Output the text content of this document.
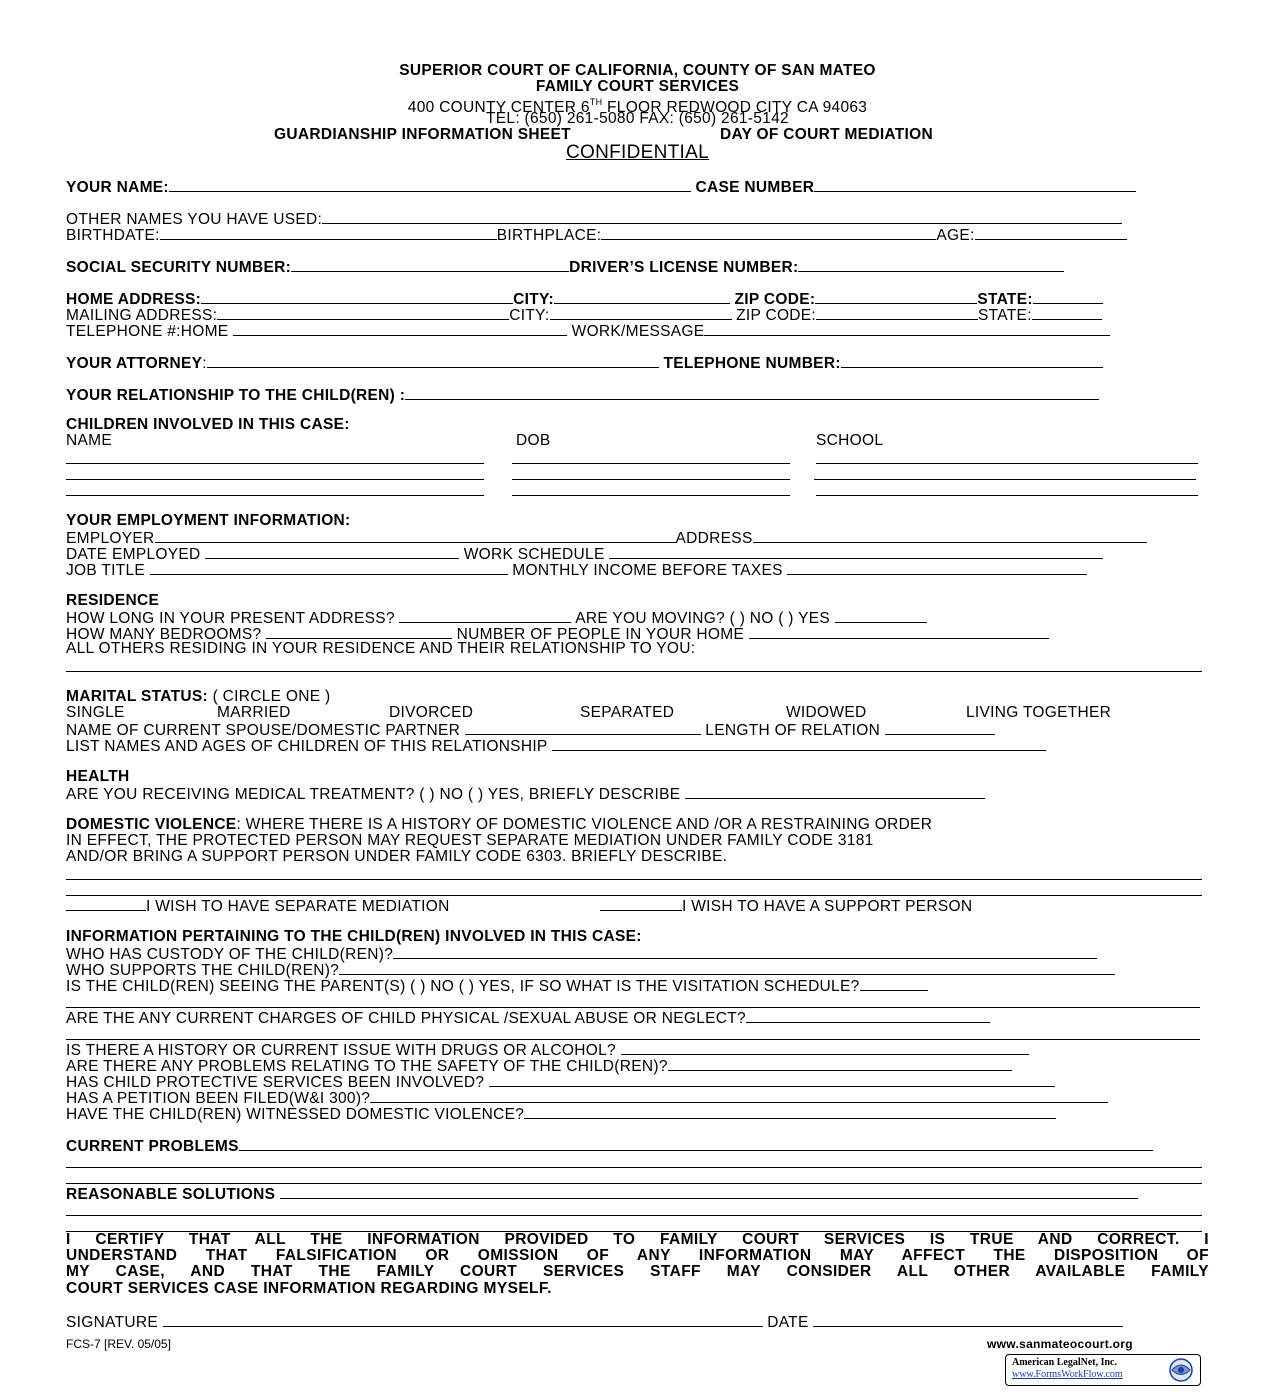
SUPERIOR COURT OF CALIFORNIA, COUNTY OF SAN MATEO
FAMILY COURT SERVICES
400 COUNTY CENTER 6TH FLOOR REDWOOD CITY CA 94063
TEL: (650) 261-5080 FAX: (650) 261-5142
GUARDIANSHIP INFORMATION SHEET	DAY OF COURT MEDIATION
CONFIDENTIAL
YOUR NAME:	CASE NUMBER
OTHER NAMES YOU HAVE USED:
BIRTHDATE:	BIRTHPLACE:	AGE:
SOCIAL SECURITY NUMBER:	DRIVER’S LICENSE NUMBER:
HOME ADDRESS:	CITY:	ZIP CODE:	STATE:
MAILING ADDRESS:	CITY:	ZIP CODE:	STATE:
TELEPHONE #:HOME	WORK/MESSAGE
YOUR ATTORNEY:	TELEPHONE NUMBER:
YOUR RELATIONSHIP TO THE CHILD(REN) :
CHILDREN INVOLVED IN THIS CASE:
NAME	DOB	SCHOOL
YOUR EMPLOYMENT INFORMATION:
EMPLOYER	ADDRESS
DATE EMPLOYED	WORK SCHEDULE
JOB TITLE	MONTHLY INCOME BEFORE TAXES
RESIDENCE
HOW LONG IN YOUR PRESENT ADDRESS?	ARE YOU MOVING? ( ) NO ( ) YES
HOW MANY BEDROOMS?	NUMBER OF PEOPLE IN YOUR HOME
ALL OTHERS RESIDING IN YOUR RESIDENCE AND THEIR RELATIONSHIP TO YOU:
MARITAL STATUS: ( CIRCLE ONE )
SINGLE	MARRIED	DIVORCED	SEPARATED	WIDOWED	LIVING TOGETHER
NAME OF CURRENT SPOUSE/DOMESTIC PARTNER	LENGTH OF RELATION
LIST NAMES AND AGES OF CHILDREN OF THIS RELATIONSHIP
HEALTH
ARE YOU RECEIVING MEDICAL TREATMENT? ( ) NO ( ) YES, BRIEFLY DESCRIBE
DOMESTIC VIOLENCE: WHERE THERE IS A HISTORY OF DOMESTIC VIOLENCE AND /OR A RESTRAINING ORDER
IN EFFECT, THE PROTECTED PERSON MAY REQUEST SEPARATE MEDIATION UNDER FAMILY CODE 3181
AND/OR BRING A SUPPORT PERSON UNDER FAMILY CODE 6303. BRIEFLY DESCRIBE.
I WISH TO HAVE SEPARATE MEDIATION	I WISH TO HAVE A SUPPORT PERSON
INFORMATION PERTAINING TO THE CHILD(REN) INVOLVED IN THIS CASE:
WHO HAS CUSTODY OF THE CHILD(REN)?
WHO SUPPORTS THE CHILD(REN)?
IS THE CHILD(REN) SEEING THE PARENT(S) ( ) NO ( ) YES, IF SO WHAT IS THE VISITATION SCHEDULE?
ARE THE ANY CURRENT CHARGES OF CHILD PHYSICAL /SEXUAL ABUSE OR NEGLECT?
IS THERE A HISTORY OR CURRENT ISSUE WITH DRUGS OR ALCOHOL?
ARE THERE ANY PROBLEMS RELATING TO THE SAFETY OF THE CHILD(REN)?
HAS CHILD PROTECTIVE SERVICES BEEN INVOLVED?
HAS A PETITION BEEN FILED(W&I 300)?
HAVE THE CHILD(REN) WITNESSED DOMESTIC VIOLENCE?
CURRENT PROBLEMS
REASONABLE SOLUTIONS
I CERTIFY THAT ALL THE INFORMATION PROVIDED TO FAMILY COURT SERVICES IS TRUE AND CORRECT. I
UNDERSTAND THAT FALSIFICATION OR OMISSION OF ANY INFORMATION MAY AFFECT THE DISPOSITION OF
MY CASE, AND THAT THE FAMILY COURT SERVICES STAFF MAY CONSIDER ALL OTHER AVAILABLE FAMILY
COURT SERVICES CASE INFORMATION REGARDING MYSELF.
SIGNATURE	DATE
FCS-7 [REV. 05/05]	www.sanmateocourt.org
American LegalNet, Inc.
www.FormsWorkFlow.com
